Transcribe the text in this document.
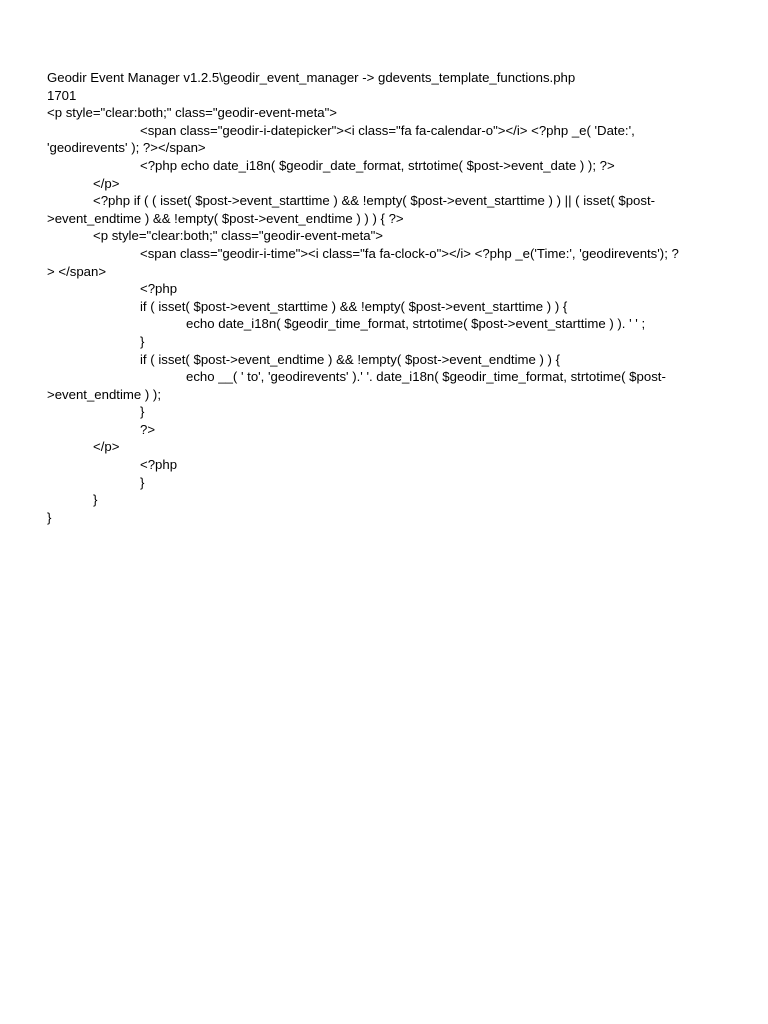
Geodir Event Manager v1.2.5\geodir_event_manager -> gdevents_template_functions.php
1701
<p style="clear:both;" class="geodir-event-meta">
<span class="geodir-i-datepicker"><i class="fa fa-calendar-o"></i> <?php _e( 'Date:',
'geodirevents' ); ?></span>
<?php echo date_i18n( $geodir_date_format, strtotime( $post->event_date ) ); ?>
</p>
<?php if ( ( isset( $post->event_starttime ) && !empty( $post->event_starttime ) ) || ( isset( $post-
>event_endtime ) && !empty( $post->event_endtime ) ) ) { ?>
<p style="clear:both;" class="geodir-event-meta">
<span class="geodir-i-time"><i class="fa fa-clock-o"></i> <?php _e('Time:', 'geodirevents'); ?
> </span>
<?php
if ( isset( $post->event_starttime ) && !empty( $post->event_starttime ) ) {
echo date_i18n( $geodir_time_format, strtotime( $post->event_starttime ) ). ' ' ;
}
if ( isset( $post->event_endtime ) && !empty( $post->event_endtime ) ) {
echo __( ' to', 'geodirevents' ).' '. date_i18n( $geodir_time_format, strtotime( $post-
>event_endtime ) );
}
?>
</p>
<?php
}
}
}
